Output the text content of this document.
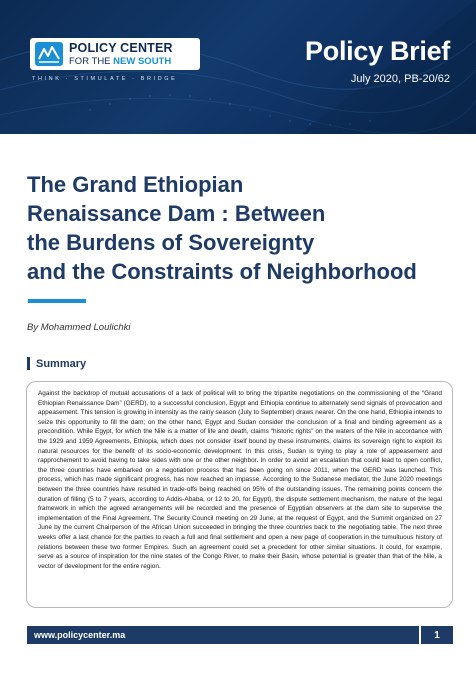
POLICY CENTER
FOR THE NEW SOUTH
THINK · STIMULATE · BRIDGE
Policy Brief
July 2020, PB-20/62
The Grand Ethiopian
Renaissance Dam : Between
the Burdens of Sovereignty
and the Constraints of Neighborhood
By Mohammed Loulichki
Summary

Against the backdrop of mutual accusations of a lack of political will to bring the tripartite negotiations on the commissioning of the “Grand Ethiopian Renaissance Dam” (GERD), to a successful conclusion, Egypt and Ethiopia continue to alternately send signals of provocation and appeasement. This tension is growing in intensity as the rainy season (July to September) draws nearer. On the one hand, Ethiopia intends to seize this opportunity to fill the dam; on the other hand, Egypt and Sudan consider the conclusion of a final and binding agreement as a precondition. While Egypt, for which the Nile is a matter of life and death, claims “historic rights” on the waters of the Nile in accordance with the 1929 and 1959 Agreements, Ethiopia, which does not consider itself bound by these instruments, claims its sovereign right to exploit its natural resources for the benefit of its socio-economic development. In this crisis, Sudan is trying to play a role of appeasement and rapprochement to avoid having to take sides with one or the other neighbor. In order to avoid an escalation that could lead to open conflict, the three countries have embarked on a negotiation process that has been going on since 2011, when the GERD was launched. This process, which has made significant progress, has now reached an impasse. According to the Sudanese mediator, the June 2020 meetings between the three countries have resulted in trade-offs being reached on 95% of the outstanding issues. The remaining points concern the duration of filling (5 to 7 years, according to Addis-Ababa, or 12 to 20, for Egypt), the dispute settlement mechanism, the nature of the legal framework in which the agreed arrangements will be recorded and the presence of Egyptian observers at the dam site to supervise the implementation of the Final Agreement. The Security Council meeting on 29 June, at the request of Egypt, and the Summit organized on 27 June by the current Chairperson of the African Union succeeded in bringing the three countries back to the negotiating table. The next three weeks offer a last chance for the parties to reach a full and final settlement and open a new page of cooperation in the tumultuous history of relations between these two former Empires. Such an agreement could set a precedent for other similar situations. It could, for example, serve as a source of inspiration for the nine states of the Congo River, to make their Basin, whose potential is greater than that of the Nile, a vector of development for the entire region.

www.policycenter.ma	1
